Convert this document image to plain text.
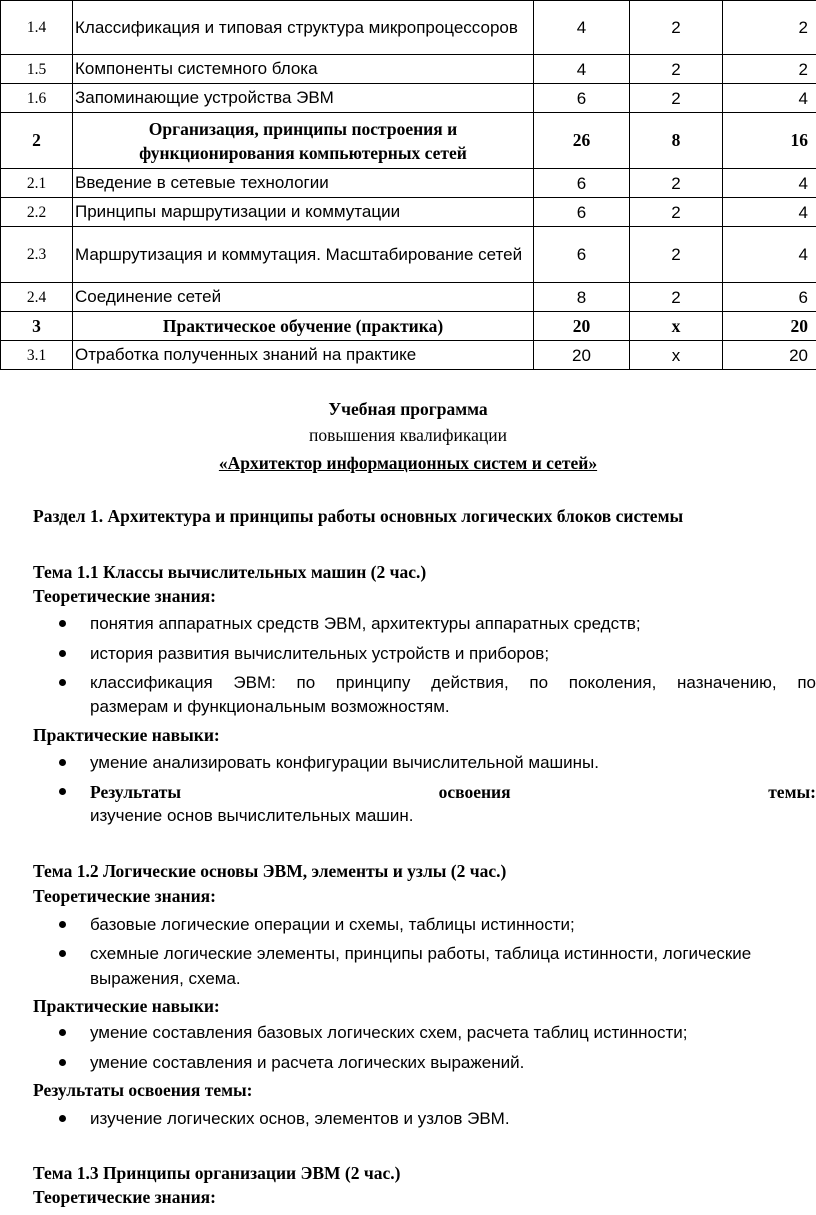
1.4	Классификация и типовая структура микропроцессоров	4	2	2
1.5	Компоненты системного блока	4	2	2
1.6	Запоминающие устройства ЭВМ	6	2	4
2	Организация, принципы построения и функционирования компьютерных сетей	26	8	16
2.1	Введение в сетевые технологии	6	2	4
2.2	Принципы маршрутизации и коммутации	6	2	4
2.3	Маршрутизация и коммутация. Масштабирование сетей	6	2	4
2.4	Соединение сетей	8	2	6
3	Практическое обучение (практика)	20	х	20
3.1	Отработка полученных знаний на практике	20	х	20
Учебная программа
повышения квалификации
«Архитектор информационных систем и сетей»
Раздел 1. Архитектура и принципы работы основных логических блоков системы
Тема 1.1 Классы вычислительных машин (2 час.)
Теоретические знания:
понятия аппаратных средств ЭВМ, архитектуры аппаратных средств;
история развития вычислительных устройств и приборов;
классификация ЭВМ: по принципу действия, по поколения, назначению, по
размерам и функциональным возможностям.
Практические навыки:
умение анализировать конфигурации вычислительной машины.
Результаты	освоения	темы:
изучение основ вычислительных машин.
Тема 1.2 Логические основы ЭВМ, элементы и узлы (2 час.)
Теоретические знания:
базовые логические операции и схемы, таблицы истинности;
схемные логические элементы, принципы работы, таблица истинности, логические
выражения, схема.
Практические навыки:
умение составления базовых логических схем, расчета таблиц истинности;
умение составления и расчета логических выражений.
Результаты освоения темы:
изучение логических основ, элементов и узлов ЭВМ.
Тема 1.3 Принципы организации ЭВМ (2 час.)
Теоретические знания:
